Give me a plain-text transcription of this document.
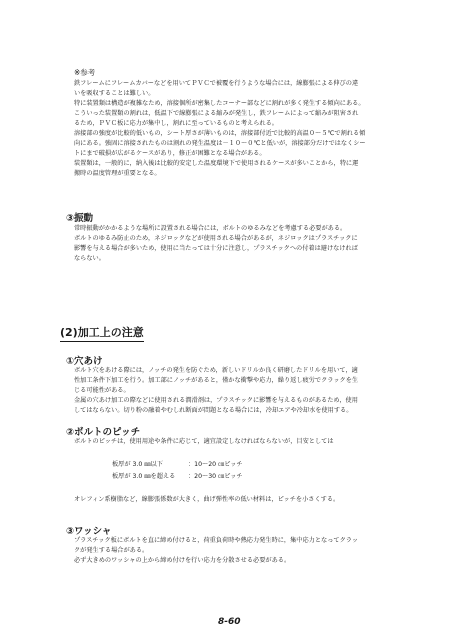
※参考
鉄フレームにフレームカバーなどを用いてＰＶＣで被覆を行うような場合には，線膨張による伸びの違
いを吸収することは難しい。
特に装置類は構造が複雑なため，溶接個所が密集したコーナー部などに割れが多く発生する傾向にある。
こういった装置類の割れは，低温下で線膨張による縮みが発生し，鉄フレームによって縮みが阻害され
るため，ＰＶＣ板に応力が集中し，割れに至っているものと考えられる。
溶接部の強度が比較的低いもの，シート厚さが薄いものは，溶接部付近で比較的高温０～５℃で割れる傾
向にある。強固に溶接されたものは割れの発生温度は－１０～０℃と低いが，溶接部分だけではなくシー
トにまで破損が広がるケースがあり，修正が困難となる場合がある。
装置類は，一般的に，納入後は比較的安定した温度環境下で使用されるケースが多いことから，特に運
搬時の温度管理が重要となる。
③振動
常時振動がかかるような場所に設置される場合には，ボルトのゆるみなどを考慮する必要がある。
ボルトのゆるみ防止のため，ネジロックなどが使用される場合があるが，ネジロックはプラスチックに
影響を与える場合が多いため，使用に当たっては十分に注意し，プラスチックへの付着は避けなければ
ならない。
(2)加工上の注意
①穴あけ
ボルト穴をあける際には，ノッチの発生を防ぐため，新しいドリルか良く研磨したドリルを用いて，適
性加工条件下加工を行う。加工部にノッチがあると，僅かな衝撃や応力，繰り返し疲労でクラックを生
じる可能性がある。
金属の穴あけ加工の際などに使用される潤滑剤は，プラスチックに影響を与えるものがあるため，使用
してはならない。切り粉の融着やむしれ断面が問題となる場合には，冷却エアや冷却水を使用する。
②ボルトのピッチ
ボルトのピッチは，使用用途や条件に応じて，適宜設定しなければならないが，目安としては
板厚が 3.0 ㎜以下	：10～20 ㎝ピッチ
板厚が 3.0 ㎜を超える ：20～30 ㎝ピッチ
オレフィン系樹脂など，線膨張係数が大きく，曲げ弾性率の低い材料は，ピッチを小さくする。
③ワッシャ
プラスチック板にボルトを直に締め付けると，荷重負荷時や熱応力発生時に，集中応力となってクラッ
クが発生する場合がある。
必ず大きめのワッシャの上から締め付けを行い応力を分散させる必要がある。
8-60
